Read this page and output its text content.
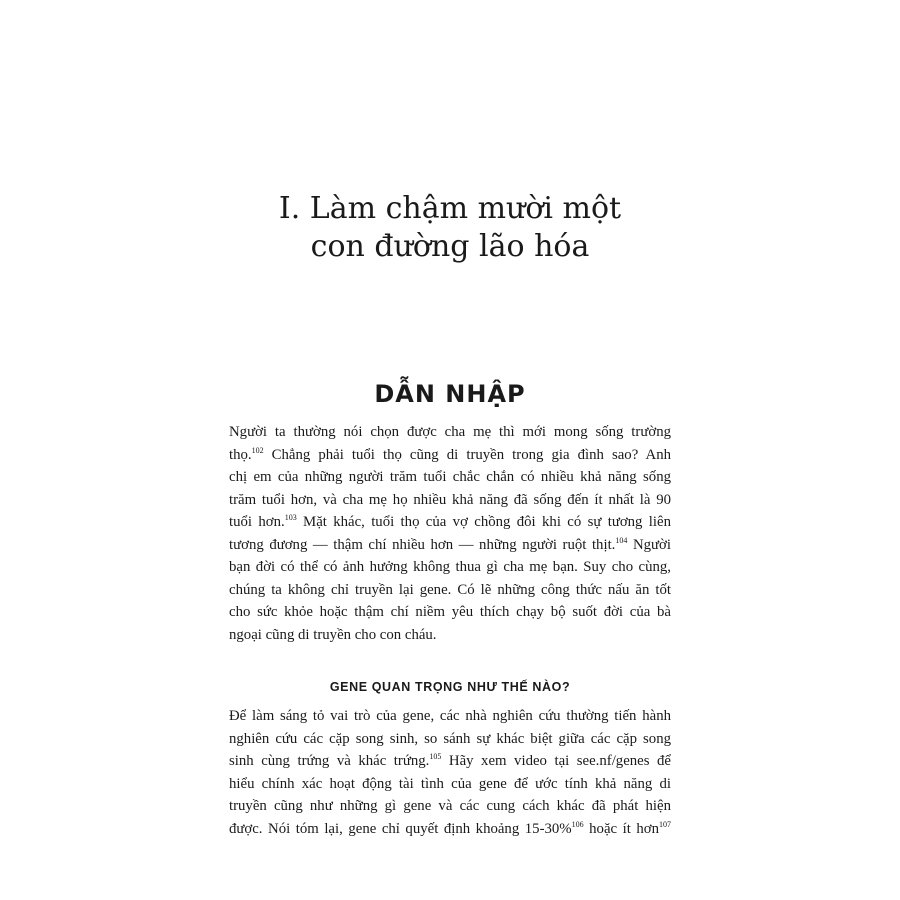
I. Làm chậm mười một
con đường lão hóa
DẪN NHẬP
Người ta thường nói chọn được cha mẹ thì mới mong sống trường
thọ.$^{102}$ Chẳng phải tuổi thọ cũng di truyền trong gia đình sao? Anh
chị em của những người trăm tuổi chắc chắn có nhiều khả năng sống
trăm tuổi hơn, và cha mẹ họ nhiều khả năng đã sống đến ít nhất là 90
tuổi hơn.$^{103}$ Mặt khác, tuổi thọ của vợ chồng đôi khi có sự tương liên
tương đương — thậm chí nhiều hơn — những người ruột thịt.$^{104}$ Người
bạn đời có thể có ảnh hưởng không thua gì cha mẹ bạn. Suy cho cùng,
chúng ta không chỉ truyền lại gene. Có lẽ những công thức nấu ăn tốt
cho sức khỏe hoặc thậm chí niềm yêu thích chạy bộ suốt đời của bà
ngoại cũng di truyền cho con cháu.
GENE QUAN TRỌNG NHƯ THẾ NÀO?
Để làm sáng tỏ vai trò của gene, các nhà nghiên cứu thường tiến hành
nghiên cứu các cặp song sinh, so sánh sự khác biệt giữa các cặp song
sinh cùng trứng và khác trứng.$^{105}$ Hãy xem video tại see.nf/genes để
hiểu chính xác hoạt động tài tình của gene để ước tính khả năng di
truyền cũng như những gì gene và các cung cách khác đã phát hiện
được. Nói tóm lại, gene chỉ quyết định khoảng 15-30%$^{106}$ hoặc ít hơn$^{107}$
